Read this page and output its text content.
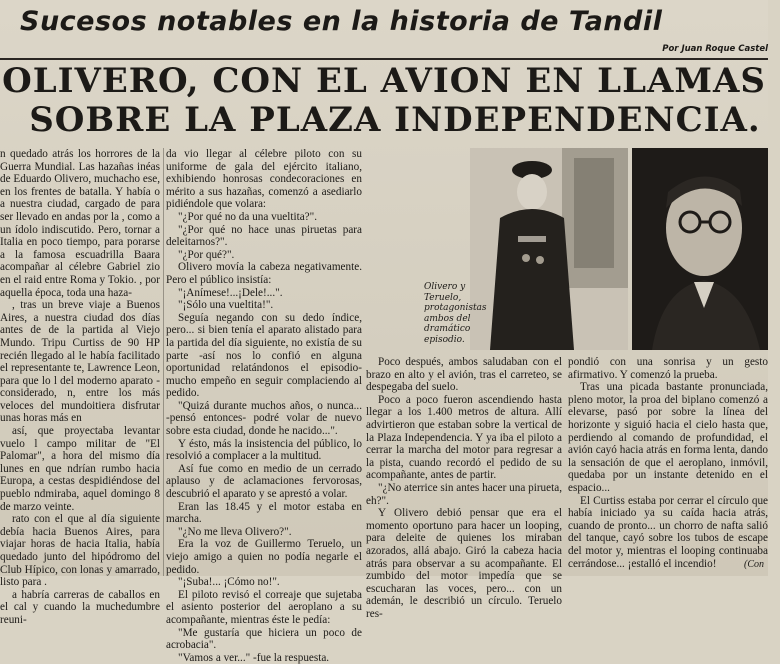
Sucesos notables en la historia de Tandil
Por Juan Roque Castel
OLIVERO, CON EL AVION EN LLAMAS
SOBRE LA PLAZA INDEPENDENCIA.

n quedado atrás los horrores de la Guerra Mundial. Las hazañas inéas de Eduardo Olivero, muchacho ese, en los frentes de batalla. Y había o a nuestra ciudad, cargado de para ser llevado en andas por la , como a un ídolo indiscutido. Pero, tornar a Italia en poco tiempo, para porarse a la famosa escuadrilla Baara acompañar al célebre Gabriel zio en el raid entre Roma y Tokio. , por aquella época, toda una haza-

, tras un breve viaje a Buenos Aires, a nuestra ciudad dos días antes de de la partida al Viejo Mundo. Tripu Curtiss de 90 HP recién llegado al le había facilitado el representante te, Lawrence Leon, para que lo l del moderno aparato -considerado, n, entre los más veloces del mundoitiera disfrutar unas horas más en

así, que proyectaba levantar vuelo l campo militar de "El Palomar", a hora del mismo día lunes en que ndrían rumbo hacia Europa, a cestas despidiéndose del pueblo ndmiraba, aquel domingo 8 de marzo veinte.

rato con el que al día siguiente debía hacia Buenos Aires, para viajar horas de hacia Italia, había quedado junto del hipódromo del Club Hípico, con lonas y amarrado, listo para .

a habría carreras de caballos en el cal y cuando la muchedumbre reuni-

da vio llegar al célebre piloto con su uniforme de gala del ejército italiano, exhibiendo honrosas condecoraciones en mérito a sus hazañas, comenzó a asediarlo pidiéndole que volara:

"¿Por qué no da una vueltita?".

"¿Por qué no hace unas piruetas para deleitarnos?".

"¿Por qué?".

Olivero movía la cabeza negativamente. Pero el público insistía:

"¡Anímese!...¡Dele!...".

"¡Sólo una vueltita!".

Seguía negando con su dedo índice, pero... si bien tenía el aparato alistado para la partida del día siguiente, no existía de su parte -así nos lo confió en alguna oportunidad relatándonos el episodio- mucho empeño en seguir complaciendo al pedido.

"Quizá durante muchos años, o nunca... -pensó entonces- podré volar de nuevo sobre esta ciudad, donde he nacido...".

Y ésto, más la insistencia del público, lo resolvió a complacer a la multitud.

Así fue como en medio de un cerrado aplauso y de aclamaciones fervorosas, descubrió el aparato y se aprestó a volar.

Eran las 18.45 y el motor estaba en marcha.

"¿No me lleva Olivero?".

Era la voz de Guillermo Teruelo, un viejo amigo a quien no podía negarle el pedido.

"¡Suba!... ¡Cómo no!".

El piloto revisó el correaje que sujetaba el asiento posterior del aeroplano a su acompañante, mientras éste le pedía:

"Me gustaría que hiciera un poco de acrobacia".

"Vamos a ver..." -fue la respuesta.

Olivero y Teruelo, protagonistas ambos del dramático episodio.

Poco después, ambos saludaban con el brazo en alto y el avión, tras el carreteo, se despegaba del suelo.

Poco a poco fueron ascendiendo hasta llegar a los 1.400 metros de altura. Allí advirtieron que estaban sobre la vertical de la Plaza Independencia. Y ya iba el piloto a cerrar la marcha del motor para regresar a la pista, cuando recordó el pedido de su acompañante, antes de partir.

"¿No aterrice sin antes hacer una pirueta, eh?".

Y Olivero debió pensar que era el momento oportuno para hacer un looping, para deleite de quienes los miraban azorados, allá abajo. Giró la cabeza hacia atrás para observar a su acompañante. El zumbido del motor impedía que se escucharan las voces, pero... con un ademán, le describió un círculo. Teruelo res-

pondió con una sonrisa y un gesto afirmativo. Y comenzó la prueba.

Tras una picada bastante pronunciada, pleno motor, la proa del biplano comenzó a elevarse, pasó por sobre la línea del horizonte y siguió hacia el cielo hasta que, perdiendo al comando de profundidad, el avión cayó hacia atrás en forma lenta, dando la sensación de que el aeroplano, inmóvil, quedaba por un instante detenido en el espacio...

El Curtiss estaba por cerrar el círculo que había iniciado ya su caída hacia atrás, cuando de pronto... un chorro de nafta salió del tanque, cayó sobre los tubos de escape del motor y, mientras el looping continuaba cerrándose... ¡estalló el incendio!	(Con
